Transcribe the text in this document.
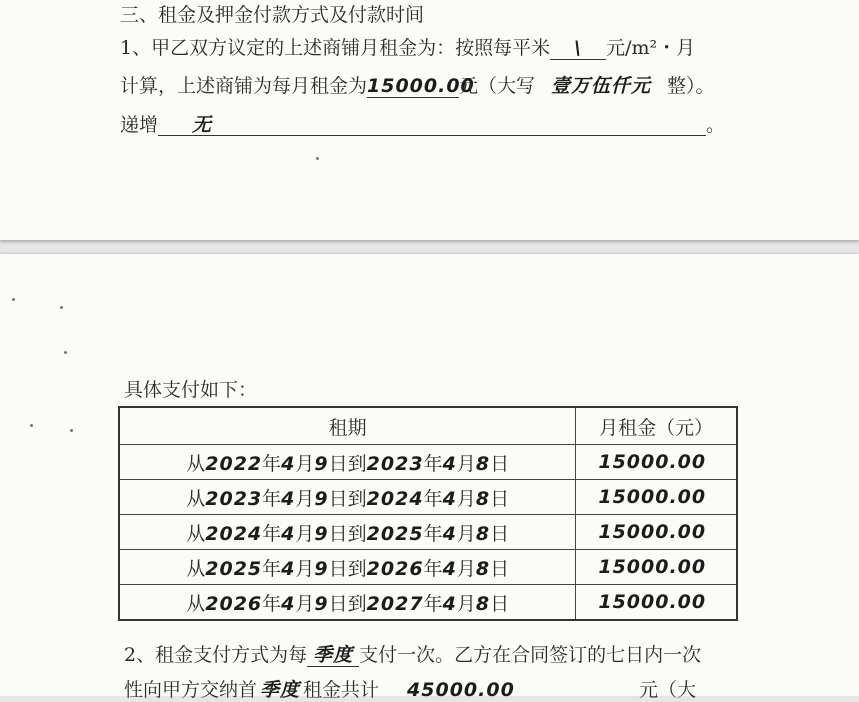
三、租金及押金付款方式及付款时间
1、甲乙双方议定的上述商铺月租金为：按照每平米 \ 元/m²・月
计算，上述商铺为每月租金为15000.00元（大写 壹万伍仟元 整）。
递增 无	。
具体支付如下：
租期	月租金（元）
从2022年4月9日到2023年4月8日	15000.00
从2023年4月9日到2024年4月8日	15000.00
从2024年4月9日到2025年4月8日	15000.00
从2025年4月9日到2026年4月8日	15000.00
从2026年4月9日到2027年4月8日	15000.00
2、租金支付方式为每 季度 支付一次。乙方在合同签订的七日内一次
性向甲方交纳首 季度 租金共计 45000.00	元（大
